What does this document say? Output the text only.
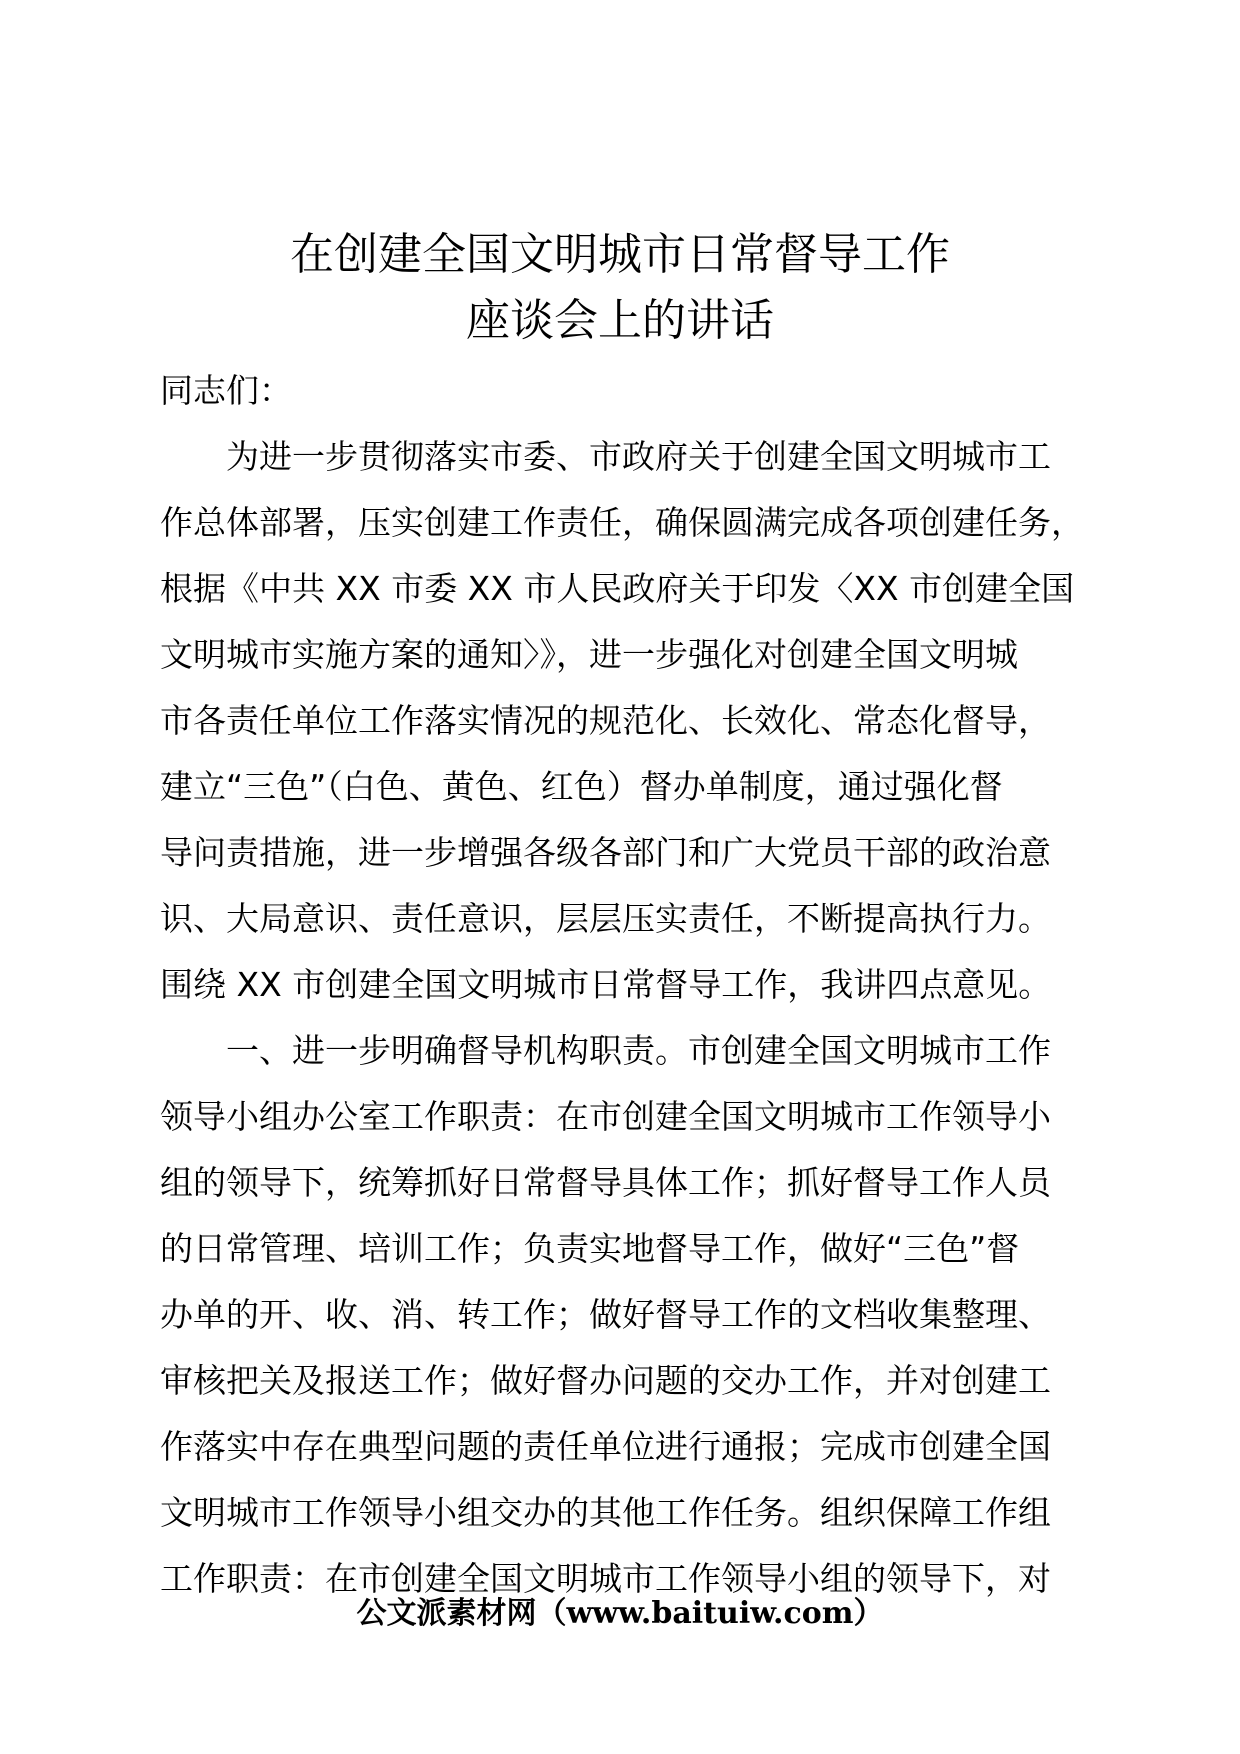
在创建全国文明城市日常督导工作
座谈会上的讲话
同志们：
为进一步贯彻落实市委、市政府关于创建全国文明城市工
作总体部署，压实创建工作责任，确保圆满完成各项创建任务，
根据《中共 XX 市委 XX 市人民政府关于印发〈XX 市创建全国
文明城市实施方案的通知〉》，进一步强化对创建全国文明城
市各责任单位工作落实情况的规范化、长效化、常态化督导，
建立“三色”（白色、黄色、红色）督办单制度，通过强化督
导问责措施，进一步增强各级各部门和广大党员干部的政治意
识、大局意识、责任意识，层层压实责任，不断提高执行力。
围绕 XX 市创建全国文明城市日常督导工作，我讲四点意见。
一、进一步明确督导机构职责。市创建全国文明城市工作
领导小组办公室工作职责：在市创建全国文明城市工作领导小
组的领导下，统筹抓好日常督导具体工作；抓好督导工作人员
的日常管理、培训工作；负责实地督导工作，做好“三色”督
办单的开、收、消、转工作；做好督导工作的文档收集整理、
审核把关及报送工作；做好督办问题的交办工作，并对创建工
作落实中存在典型问题的责任单位进行通报；完成市创建全国
文明城市工作领导小组交办的其他工作任务。组织保障工作组
工作职责：在市创建全国文明城市工作领导小组的领导下，对
公文派素材网（www.baituiw.com）
